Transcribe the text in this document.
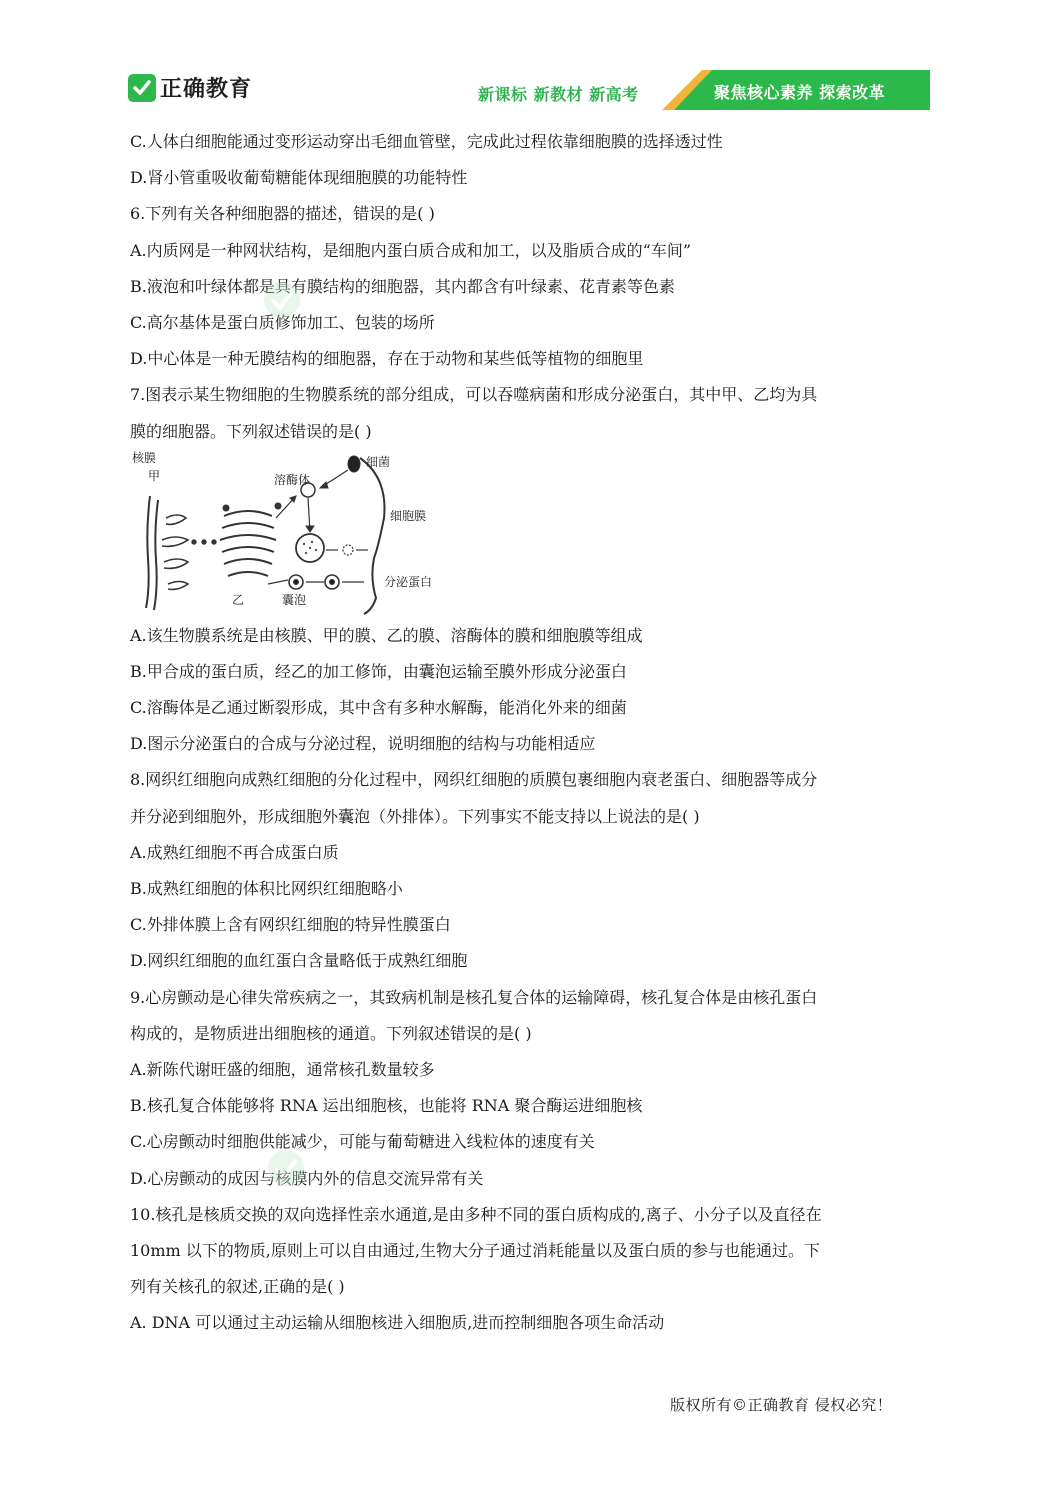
正确教育	新课标 新教材 新高考	聚焦核心素养 探索改革
C.人体白细胞能通过变形运动穿出毛细血管壁，完成此过程依靠细胞膜的选择透过性
D.肾小管重吸收葡萄糖能体现细胞膜的功能特性
6.下列有关各种细胞器的描述，错误的是( )
A.内质网是一种网状结构，是细胞内蛋白质合成和加工，以及脂质合成的“车间”
B.液泡和叶绿体都是具有膜结构的细胞器，其内都含有叶绿素、花青素等色素
C.高尔基体是蛋白质修饰加工、包装的场所
D.中心体是一种无膜结构的细胞器，存在于动物和某些低等植物的细胞里
7.图表示某生物细胞的生物膜系统的部分组成，可以吞噬病菌和形成分泌蛋白，其中甲、乙均为具
膜的细胞器。下列叙述错误的是( )
A.该生物膜系统是由核膜、甲的膜、乙的膜、溶酶体的膜和细胞膜等组成
B.甲合成的蛋白质，经乙的加工修饰，由囊泡运输至膜外形成分泌蛋白
C.溶酶体是乙通过断裂形成，其中含有多种水解酶，能消化外来的细菌
D.图示分泌蛋白的合成与分泌过程，说明细胞的结构与功能相适应
8.网织红细胞向成熟红细胞的分化过程中，网织红细胞的质膜包裹细胞内衰老蛋白、细胞器等成分
并分泌到细胞外，形成细胞外囊泡（外排体）。下列事实不能支持以上说法的是( )
A.成熟红细胞不再合成蛋白质
B.成熟红细胞的体积比网织红细胞略小
C.外排体膜上含有网织红细胞的特异性膜蛋白
D.网织红细胞的血红蛋白含量略低于成熟红细胞
9.心房颤动是心律失常疾病之一，其致病机制是核孔复合体的运输障碍，核孔复合体是由核孔蛋白
构成的，是物质进出细胞核的通道。下列叙述错误的是( )
A.新陈代谢旺盛的细胞，通常核孔数量较多
B.核孔复合体能够将 RNA 运出细胞核，也能将 RNA 聚合酶运进细胞核
C.心房颤动时细胞供能减少，可能与葡萄糖进入线粒体的速度有关
D.心房颤动的成因与核膜内外的信息交流异常有关
10.核孔是核质交换的双向选择性亲水通道,是由多种不同的蛋白质构成的,离子、小分子以及直径在
10mm 以下的物质,原则上可以自由通过,生物大分子通过消耗能量以及蛋白质的参与也能通过。下
列有关核孔的叙述,正确的是( )
A. DNA 可以通过主动运输从细胞核进入细胞质,进而控制细胞各项生命活动
核膜
甲	溶酶体
细菌
细胞膜
乙	囊泡
分泌蛋白
版权所有©正确教育 侵权必究！
